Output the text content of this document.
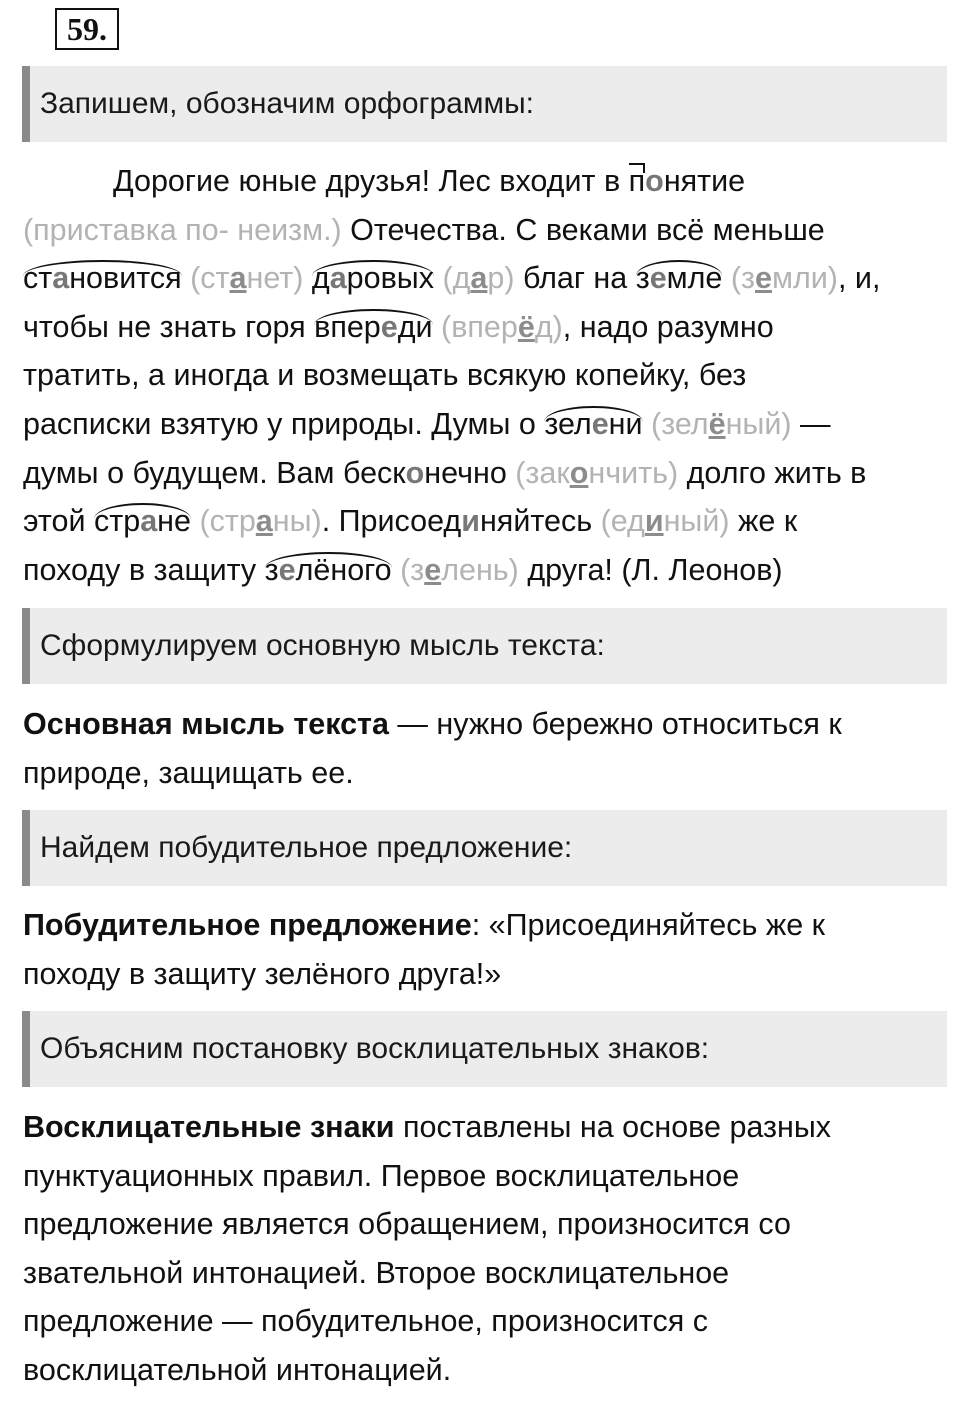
59.
Запишем, обозначим орфограммы:
Дорогие юные друзья! Лес входит в понятие
(приставка по- неизм.) Отечества. С веками всё меньше
становится (станет) даровых (дар) благ на земле (земли), и,
чтобы не знать горя впереди (вперёд), надо разумно
тратить, а иногда и возмещать всякую копейку, без
расписки взятую у природы. Думы о зелени (зелёный) —
думы о будущем. Вам бесконечно (закончить) долго жить в
этой стране (страны). Присоединяйтесь (единый) же к
походу в защиту зелёного (зелень) друга! (Л. Леонов)
Сформулируем основную мысль текста:
Основная мысль текста — нужно бережно относиться к
природе, защищать ее.
Найдем побудительное предложение:
Побудительное предложение: «Присоединяйтесь же к
походу в защиту зелёного друга!»
Объясним постановку восклицательных знаков:
Восклицательные знаки поставлены на основе разных
пунктуационных правил. Первое восклицательное
предложение является обращением, произносится со
звательной интонацией. Второе восклицательное
предложение — побудительное, произносится с
восклицательной интонацией.
